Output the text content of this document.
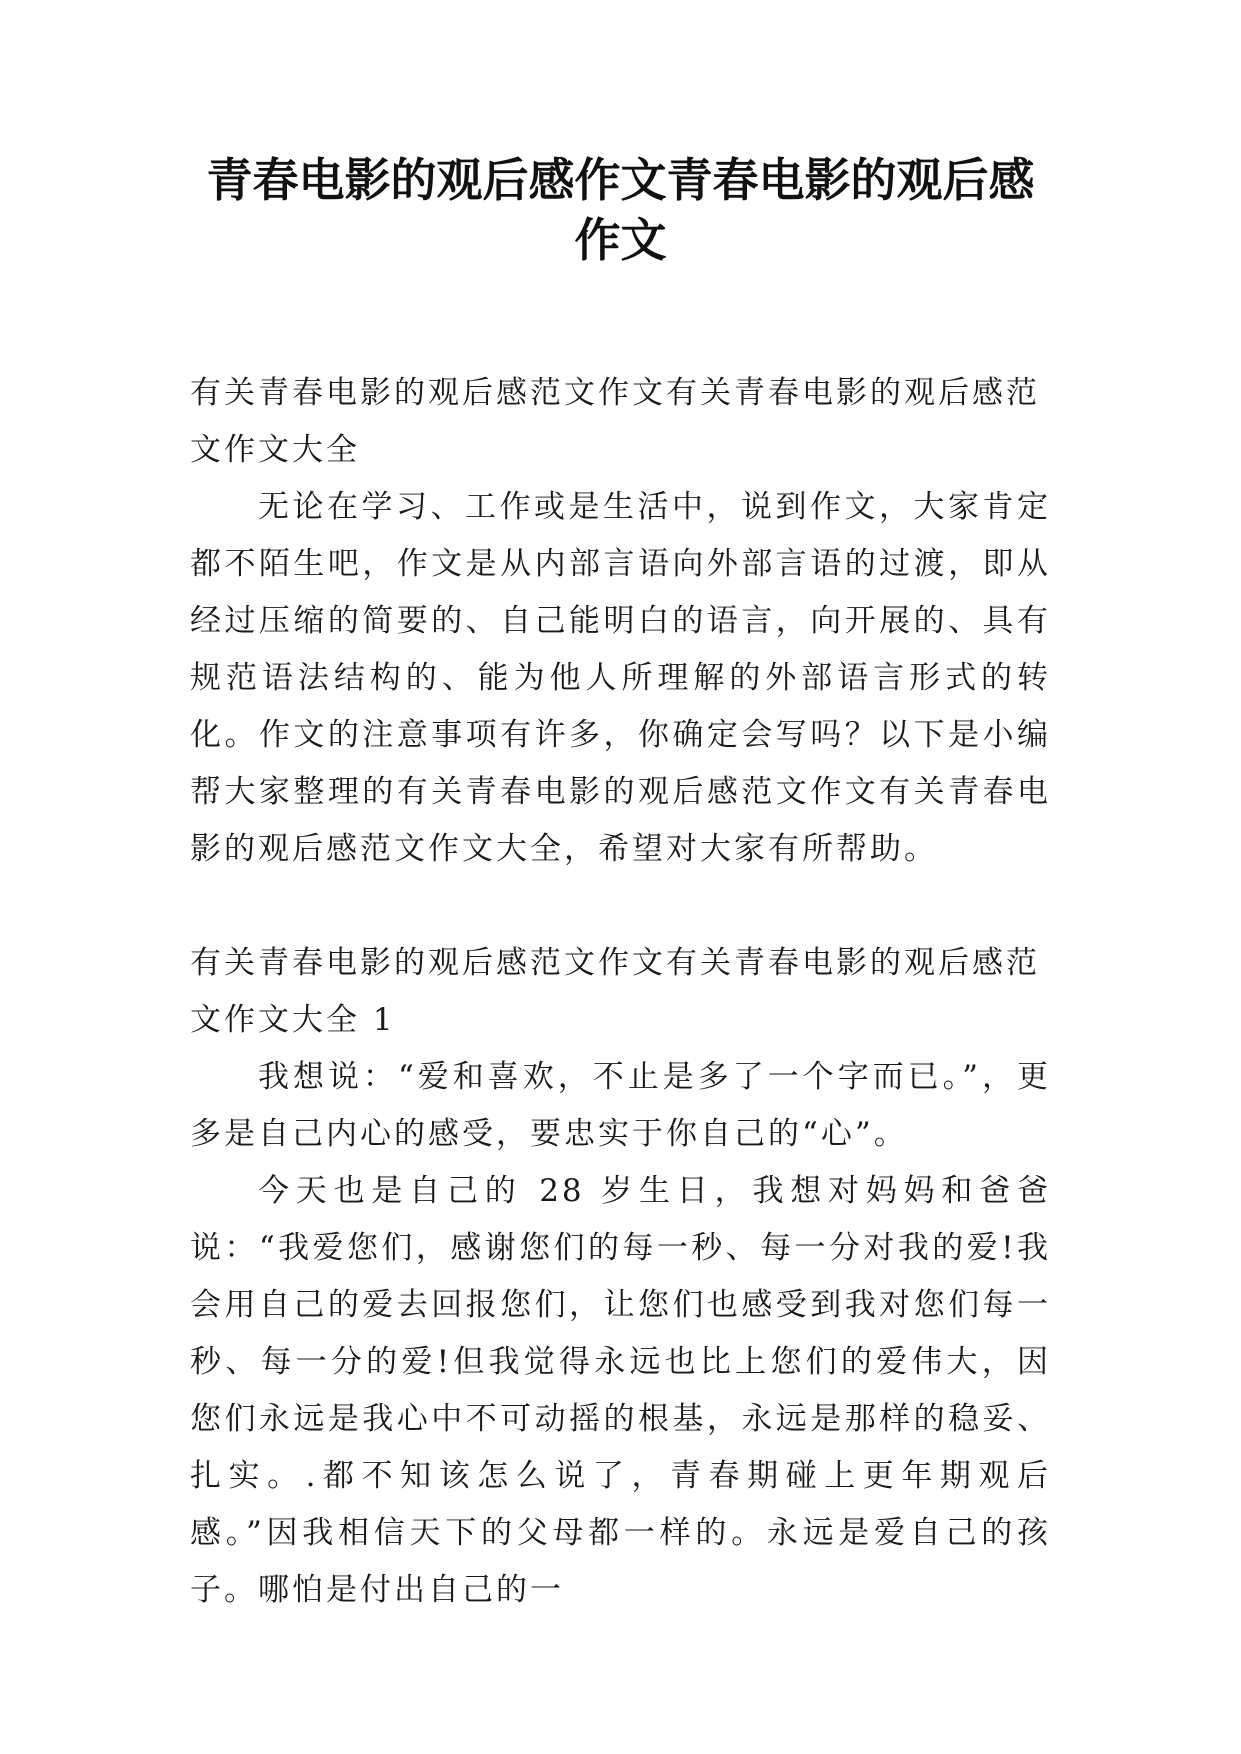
青春电影的观后感作文青春电影的观后感作文
有关青春电影的观后感范文作文有关青春电影的观后感范文作文大全

无论在学习、工作或是生活中，说到作文，大家肯定都不陌生吧，作文是从内部言语向外部言语的过渡，即从经过压缩的简要的、自己能明白的语言，向开展的、具有规范语法结构的、能为他人所理解的外部语言形式的转化。作文的注意事项有许多，你确定会写吗？以下是小编帮大家整理的有关青春电影的观后感范文作文有关青春电影的观后感范文作文大全，希望对大家有所帮助。

有关青春电影的观后感范文作文有关青春电影的观后感范文作文大全 1

我想说：“爱和喜欢，不止是多了一个字而已。”，更多是自己内心的感受，要忠实于你自己的“心”。

今天也是自己的 28 岁生日，我想对妈妈和爸爸说：“我爱您们，感谢您们的每一秒、每一分对我的爱!我会用自己的爱去回报您们，让您们也感受到我对您们每一秒、每一分的爱!但我觉得永远也比上您们的爱伟大，因您们永远是我心中不可动摇的根基，永远是那样的稳妥、扎实。.都不知该怎么说了，青春期碰上更年期观后感。”因我相信天下的父母都一样的。永远是爱自己的孩子。哪怕是付出自己的一
